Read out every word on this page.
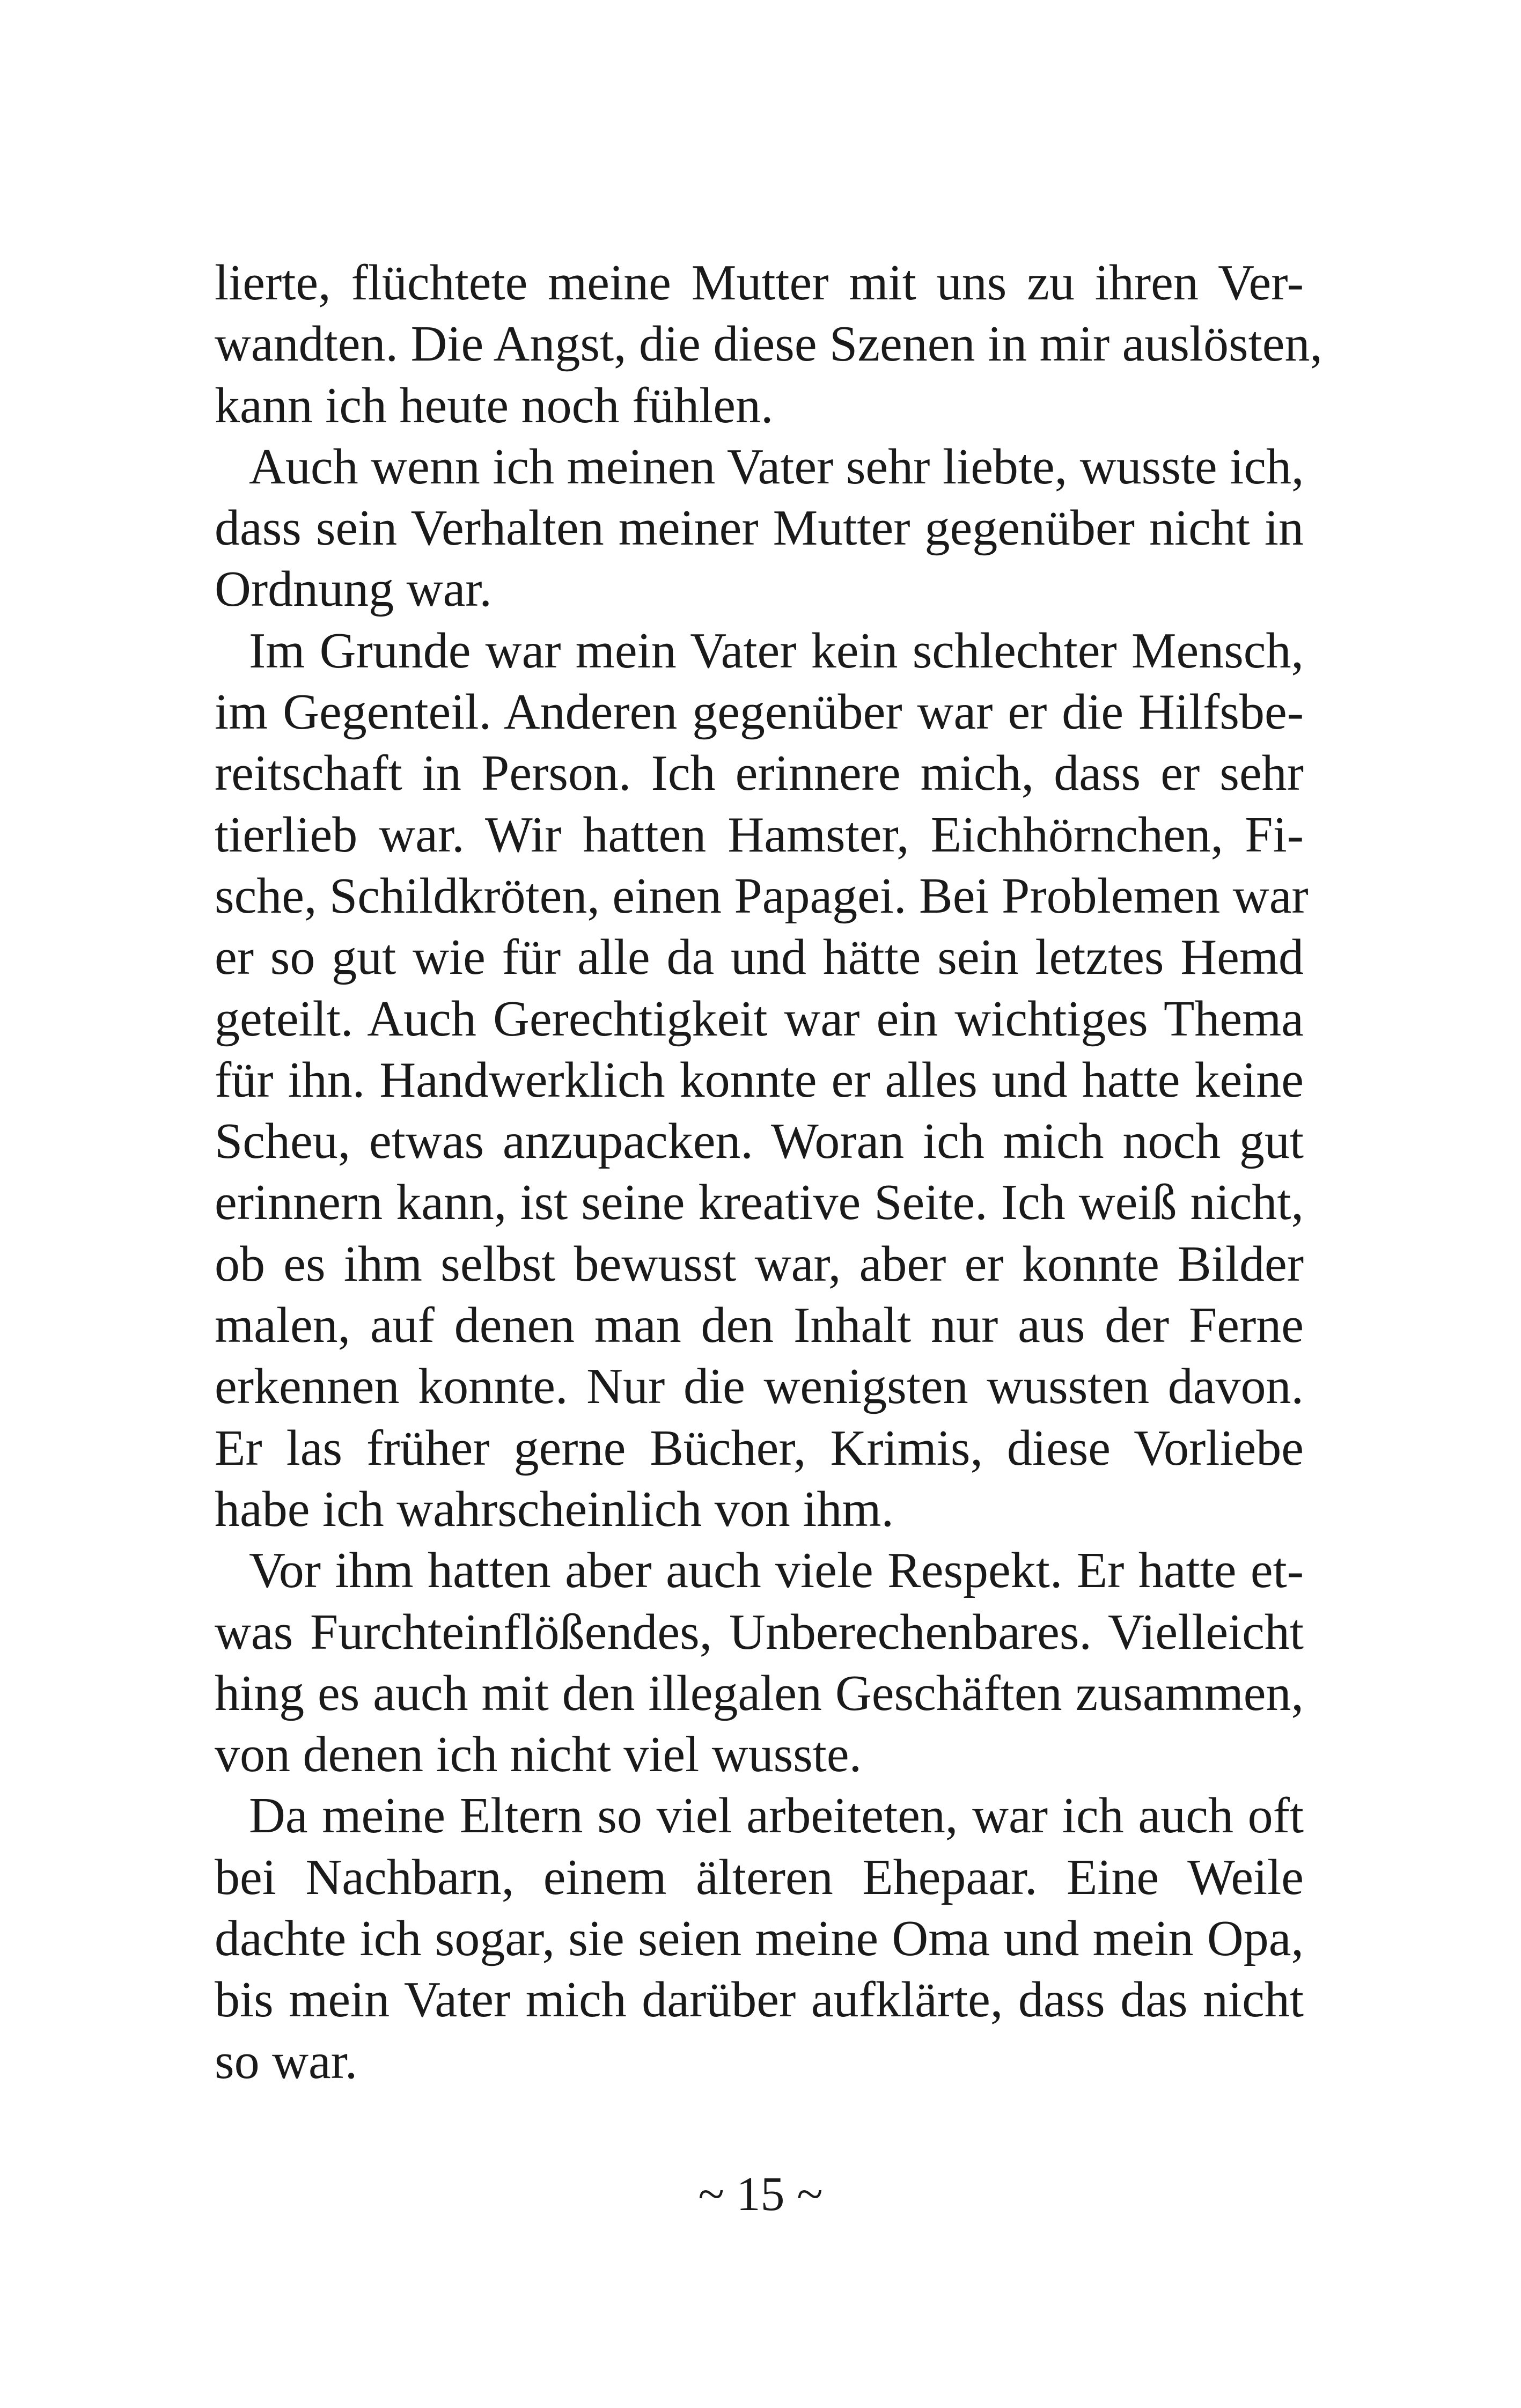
lierte, flüchtete meine Mutter mit uns zu ihren Ver-
wandten. Die Angst, die diese Szenen in mir auslösten,
kann ich heute noch fühlen.
Auch wenn ich meinen Vater sehr liebte, wusste ich,
dass sein Verhalten meiner Mutter gegenüber nicht in
Ordnung war.
Im Grunde war mein Vater kein schlechter Mensch,
im Gegenteil. Anderen gegenüber war er die Hilfsbe-
reitschaft in Person. Ich erinnere mich, dass er sehr
tierlieb war. Wir hatten Hamster, Eichhörnchen, Fi-
sche, Schildkröten, einen Papagei. Bei Problemen war
er so gut wie für alle da und hätte sein letztes Hemd
geteilt. Auch Gerechtigkeit war ein wichtiges Thema
für ihn. Handwerklich konnte er alles und hatte keine
Scheu, etwas anzupacken. Woran ich mich noch gut
erinnern kann, ist seine kreative Seite. Ich weiß nicht,
ob es ihm selbst bewusst war, aber er konnte Bilder
malen, auf denen man den Inhalt nur aus der Ferne
erkennen konnte. Nur die wenigsten wussten davon.
Er las früher gerne Bücher, Krimis, diese Vorliebe
habe ich wahrscheinlich von ihm.
Vor ihm hatten aber auch viele Respekt. Er hatte et-
was Furchteinflößendes, Unberechenbares. Vielleicht
hing es auch mit den illegalen Geschäften zusammen,
von denen ich nicht viel wusste.
Da meine Eltern so viel arbeiteten, war ich auch oft
bei Nachbarn, einem älteren Ehepaar. Eine Weile
dachte ich sogar, sie seien meine Oma und mein Opa,
bis mein Vater mich darüber aufklärte, dass das nicht
so war.
~ 15 ~
